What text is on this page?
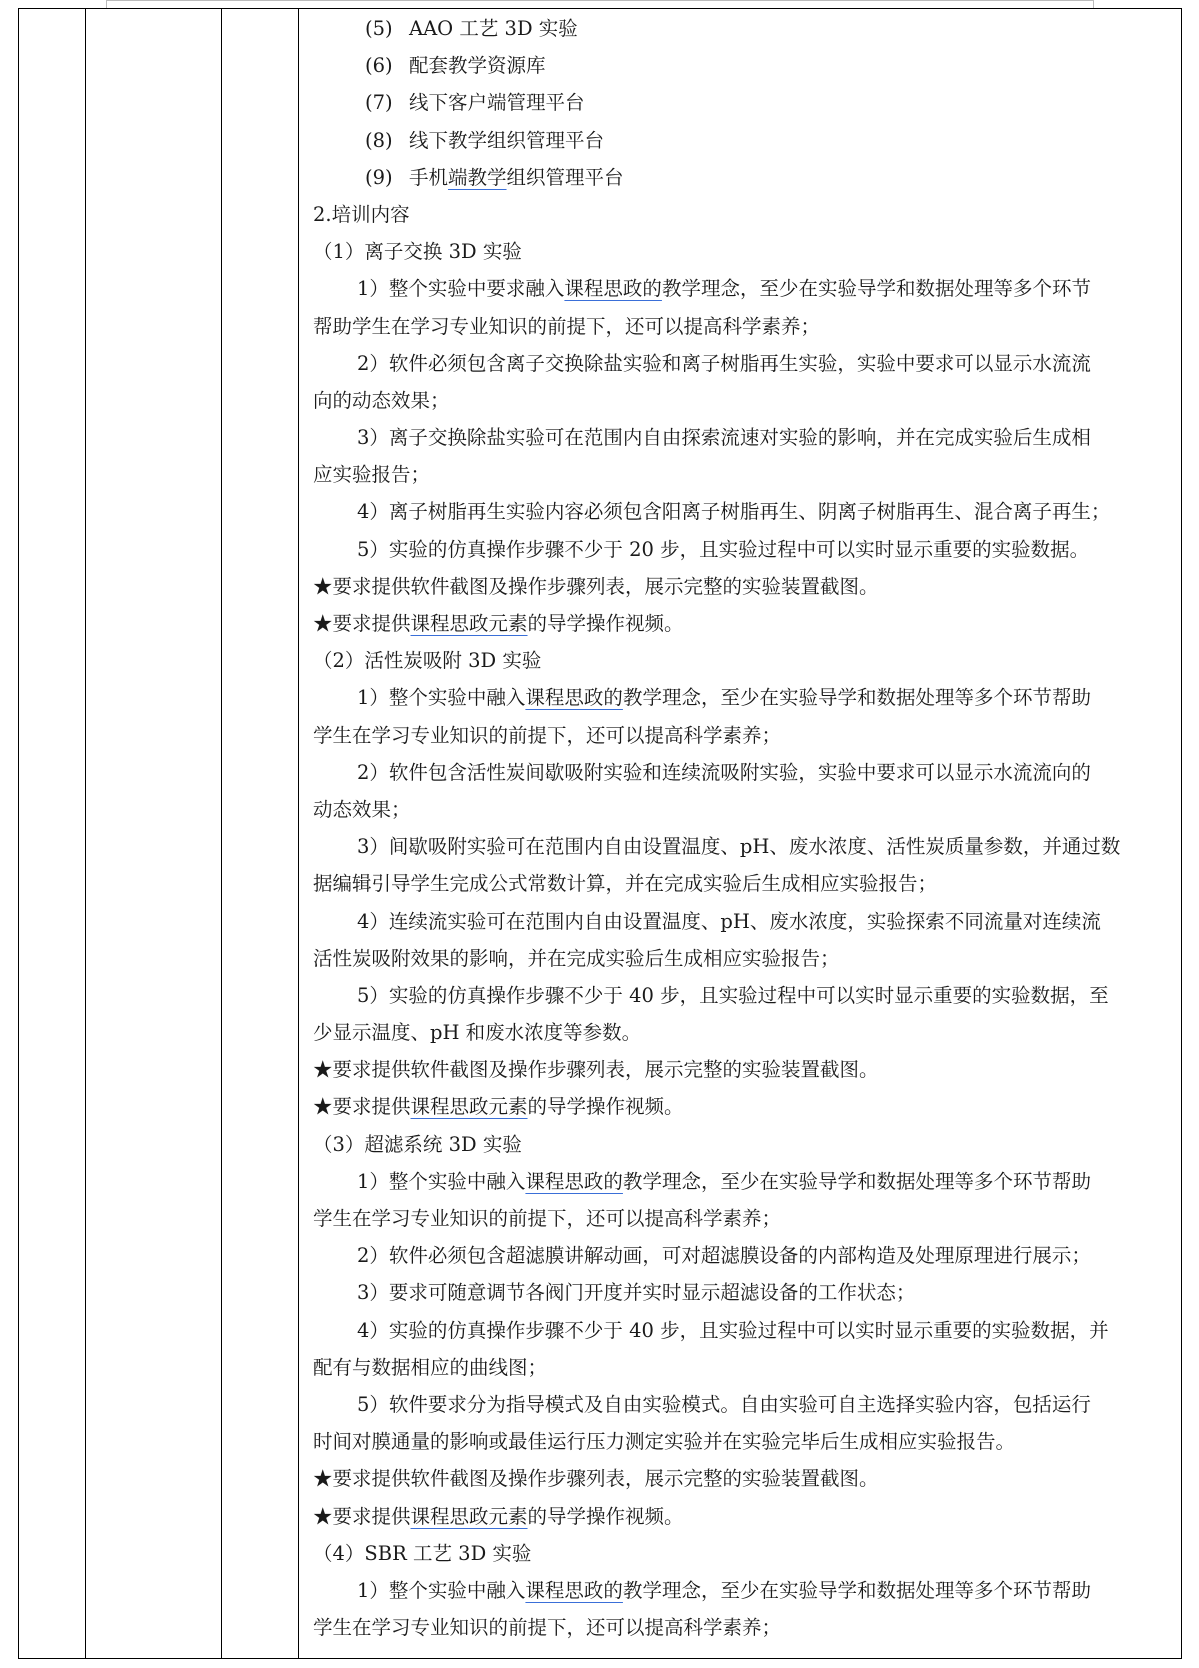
(5) AAO 工艺 3D 实验
(6) 配套教学资源库
(7) 线下客户端管理平台
(8) 线下教学组织管理平台
(9) 手机端教学组织管理平台
2.培训内容
（1）离子交换 3D 实验
1）整个实验中要求融入课程思政的教学理念，至少在实验导学和数据处理等多个环节
帮助学生在学习专业知识的前提下，还可以提高科学素养；
2）软件必须包含离子交换除盐实验和离子树脂再生实验，实验中要求可以显示水流流
向的动态效果；
3）离子交换除盐实验可在范围内自由探索流速对实验的影响，并在完成实验后生成相
应实验报告；
4）离子树脂再生实验内容必须包含阳离子树脂再生、阴离子树脂再生、混合离子再生；
5）实验的仿真操作步骤不少于 20 步，且实验过程中可以实时显示重要的实验数据。
★要求提供软件截图及操作步骤列表，展示完整的实验装置截图。
★要求提供课程思政元素的导学操作视频。
（2）活性炭吸附 3D 实验
1）整个实验中融入课程思政的教学理念，至少在实验导学和数据处理等多个环节帮助
学生在学习专业知识的前提下，还可以提高科学素养；
2）软件包含活性炭间歇吸附实验和连续流吸附实验，实验中要求可以显示水流流向的
动态效果；
3）间歇吸附实验可在范围内自由设置温度、pH、废水浓度、活性炭质量参数，并通过数
据编辑引导学生完成公式常数计算，并在完成实验后生成相应实验报告；
4）连续流实验可在范围内自由设置温度、pH、废水浓度，实验探索不同流量对连续流
活性炭吸附效果的影响，并在完成实验后生成相应实验报告；
5）实验的仿真操作步骤不少于 40 步，且实验过程中可以实时显示重要的实验数据，至
少显示温度、pH 和废水浓度等参数。
★要求提供软件截图及操作步骤列表，展示完整的实验装置截图。
★要求提供课程思政元素的导学操作视频。
（3）超滤系统 3D 实验
1）整个实验中融入课程思政的教学理念，至少在实验导学和数据处理等多个环节帮助
学生在学习专业知识的前提下，还可以提高科学素养；
2）软件必须包含超滤膜讲解动画，可对超滤膜设备的内部构造及处理原理进行展示；
3）要求可随意调节各阀门开度并实时显示超滤设备的工作状态；
4）实验的仿真操作步骤不少于 40 步，且实验过程中可以实时显示重要的实验数据，并
配有与数据相应的曲线图；
5）软件要求分为指导模式及自由实验模式。自由实验可自主选择实验内容，包括运行
时间对膜通量的影响或最佳运行压力测定实验并在实验完毕后生成相应实验报告。
★要求提供软件截图及操作步骤列表，展示完整的实验装置截图。
★要求提供课程思政元素的导学操作视频。
（4）SBR 工艺 3D 实验
1）整个实验中融入课程思政的教学理念，至少在实验导学和数据处理等多个环节帮助
学生在学习专业知识的前提下，还可以提高科学素养；
